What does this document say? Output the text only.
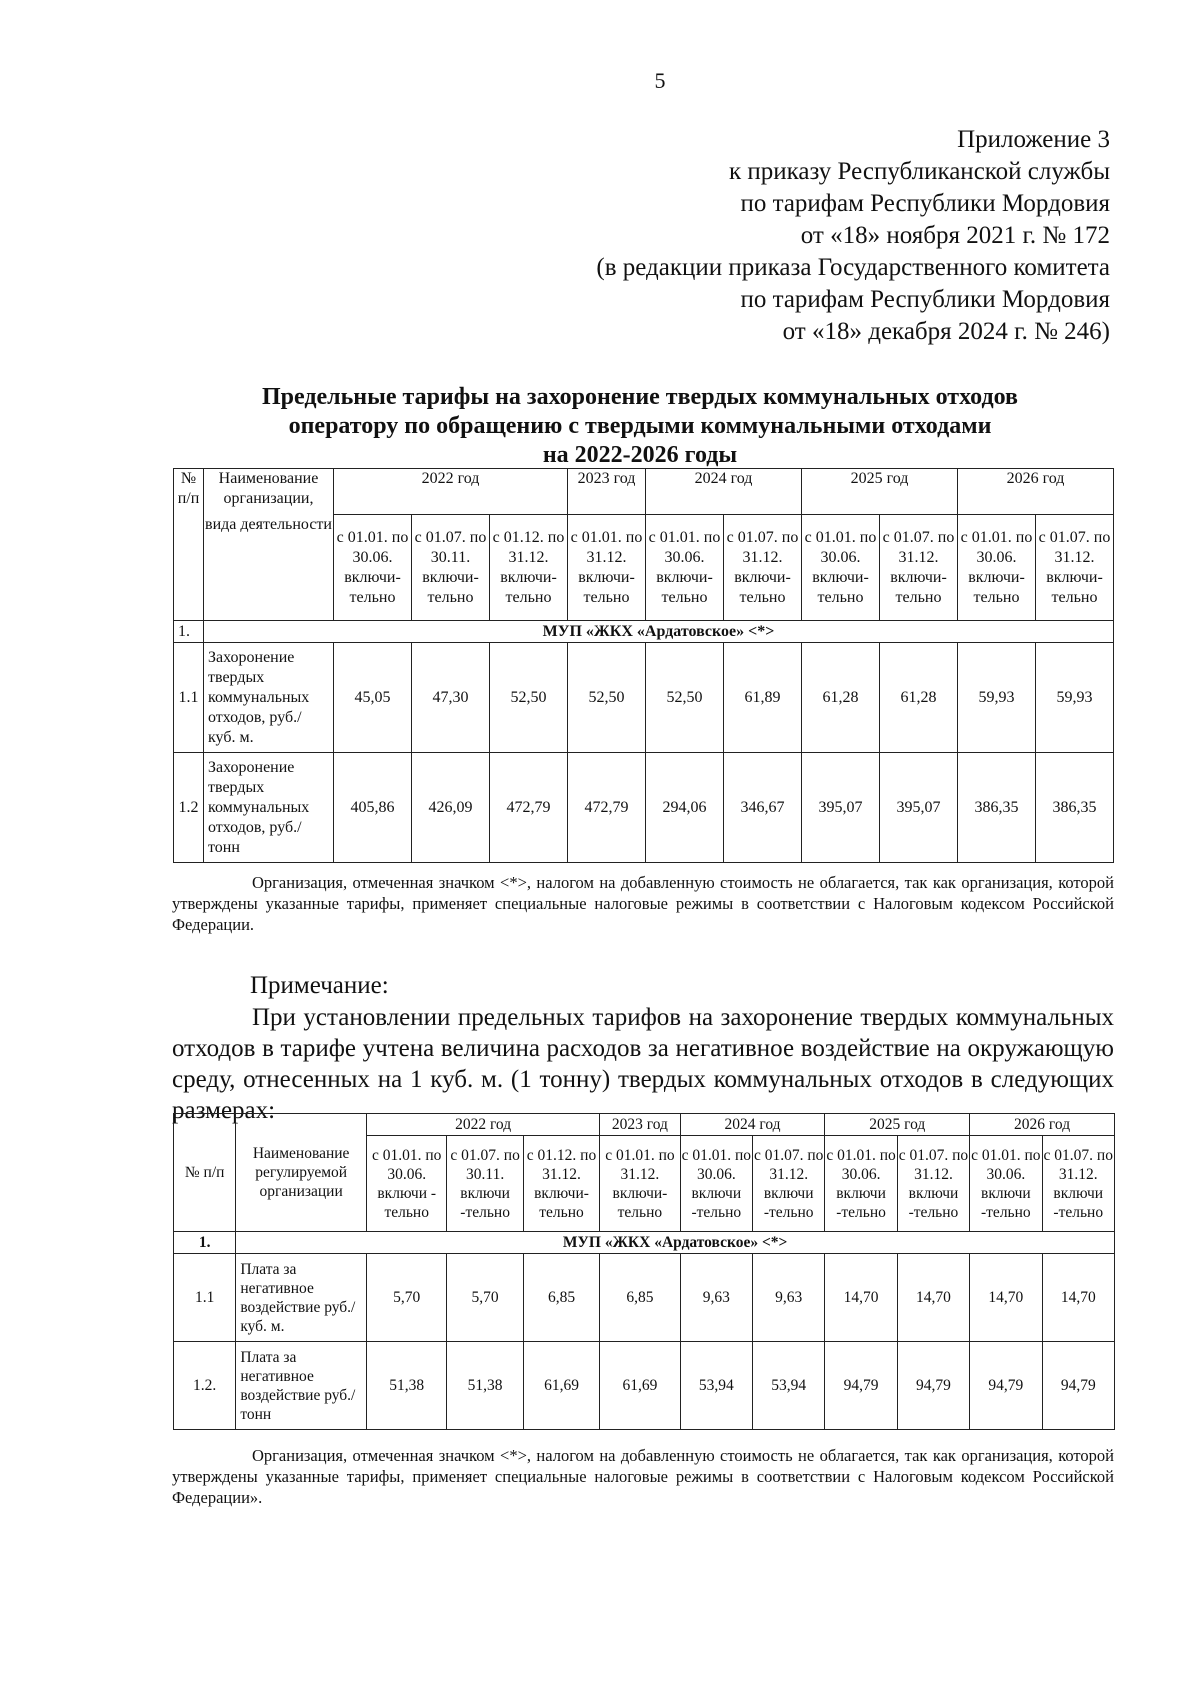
5
Приложение 3
к приказу Республиканской службы
по тарифам Республики Мордовия
от «18» ноября 2021 г. № 172
(в редакции приказа Государственного комитета
по тарифам Республики Мордовия
от «18» декабря 2024 г. № 246)
Предельные тарифы на захоронение твердых коммунальных отходов
оператору по обращению с твердыми коммунальными отходами
на 2022-2026 годы
№ п/п	Наименование организации,	2022 год			2023 год	2024 год		2025 год		2026 год	
	вида деятельности	с 01.01. по 30.06. включи-тельно	с 01.07. по 30.11. включи-тельно	с 01.12. по 31.12. включи-тельно	с 01.01. по 31.12. включи-тельно	с 01.01. по 30.06. включи-тельно	с 01.07. по 31.12. включи-тельно	с 01.01. по 30.06. включи-тельно	с 01.07. по 31.12. включи-тельно	с 01.01. по 30.06. включи-тельно	с 01.07. по 31.12. включи-тельно
1.	МУП «ЖКХ «Ардатовское» <*>										
1.1	Захоронение твердых коммунальных отходов, руб./ куб. м.	45,05	47,30	52,50	52,50	52,50	61,89	61,28	61,28	59,93	59,93
1.2	Захоронение твердых коммунальных отходов, руб./ тонн	405,86	426,09	472,79	472,79	294,06	346,67	395,07	395,07	386,35	386,35
Организация, отмеченная значком <*>, налогом на добавленную стоимость не облагается, так как организация, которой утверждены указанные тарифы, применяет специальные налоговые режимы в соответствии с Налоговым кодексом Российской Федерации.
Примечание:
При установлении предельных тарифов на захоронение твердых коммунальных отходов в тарифе учтена величина расходов за негативное воздействие на окружающую среду, отнесенных на 1 куб. м. (1 тонну) твердых коммунальных отходов в следующих размерах:
№ п/п	Наименование регулируемой организации	2022 год			2023 год	2024 год		2025 год		2026 год	
		с 01.01. по 30.06. включи - тельно	с 01.07. по 30.11. включи -тельно	с 01.12. по 31.12. включи- тельно	с 01.01. по 31.12. включи- тельно	с 01.01. по 30.06. включи -тельно	с 01.07. по 31.12. включи -тельно	с 01.01. по 30.06. включи -тельно	с 01.07. по 31.12. включи -тельно	с 01.01. по 30.06. включи -тельно	с 01.07. по 31.12. включи -тельно
1.	МУП «ЖКХ «Ардатовское» <*>										
1.1	Плата за негативное воздействие руб./ куб. м.	5,70	5,70	6,85	6,85	9,63	9,63	14,70	14,70	14,70	14,70
1.2.	Плата за негативное воздействие руб./ тонн	51,38	51,38	61,69	61,69	53,94	53,94	94,79	94,79	94,79	94,79
Организация, отмеченная значком <*>, налогом на добавленную стоимость не облагается, так как организация, которой утверждены указанные тарифы, применяет специальные налоговые режимы в соответствии с Налоговым кодексом Российской Федерации».
